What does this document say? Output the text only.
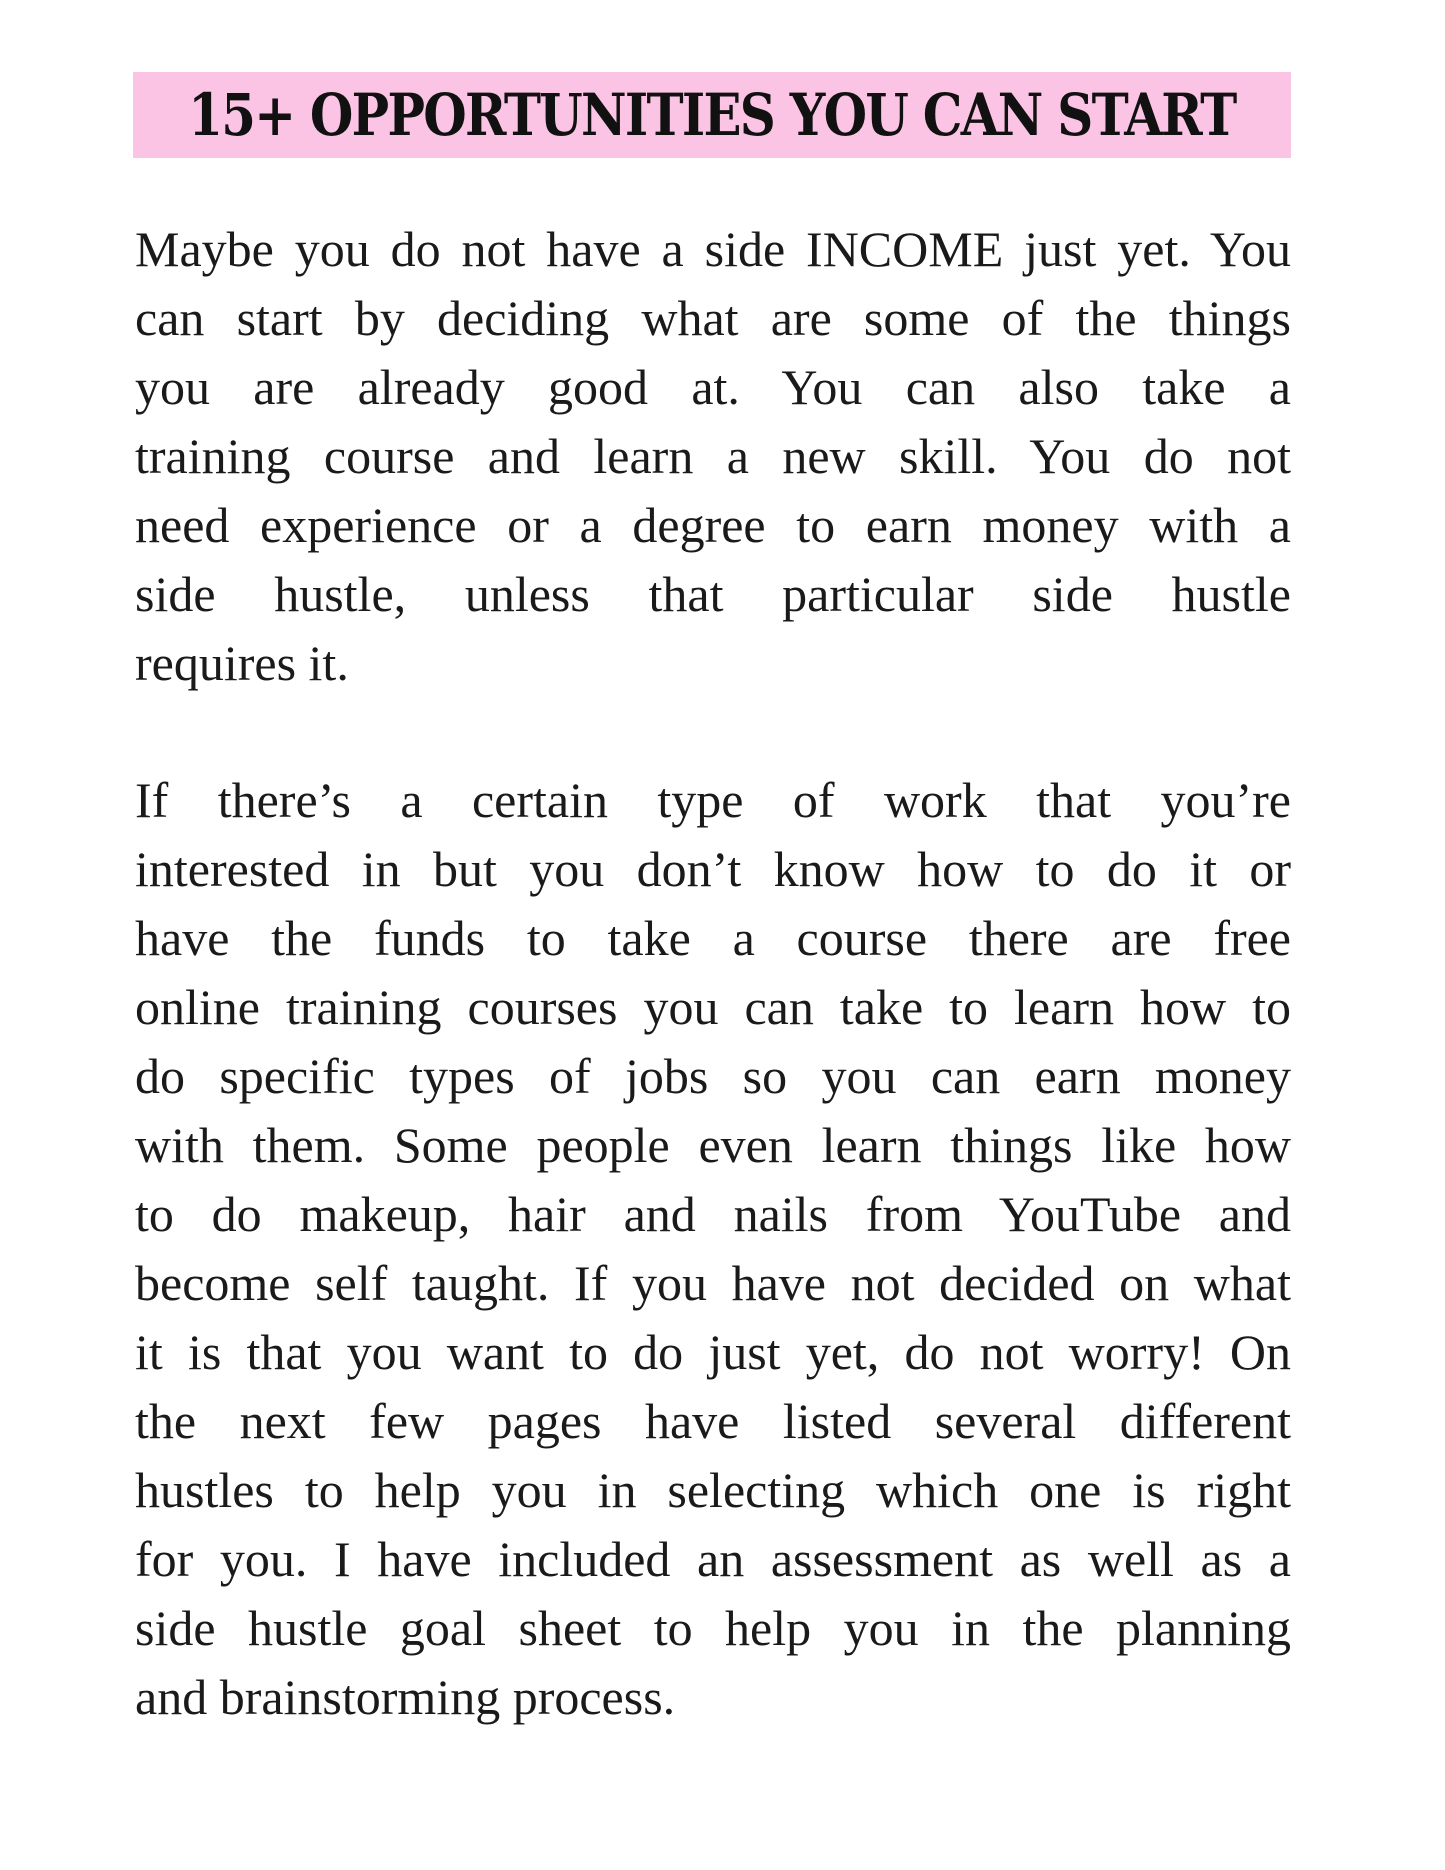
15+ OPPORTUNITIES YOU CAN START
Maybe you do not have a side INCOME just yet. You
can start by deciding what are some of the things
you are already good at. You can also take a
training course and learn a new skill. You do not
need experience or a degree to earn money with a
side hustle, unless that particular side hustle
requires it.
If there’s a certain type of work that you’re
interested in but you don’t know how to do it or
have the funds to take a course there are free
online training courses you can take to learn how to
do specific types of jobs so you can earn money
with them. Some people even learn things like how
to do makeup, hair and nails from YouTube and
become self taught. If you have not decided on what
it is that you want to do just yet, do not worry! On
the next few pages have listed several different
hustles to help you in selecting which one is right
for you. I have included an assessment as well as a
side hustle goal sheet to help you in the planning
and brainstorming process.
